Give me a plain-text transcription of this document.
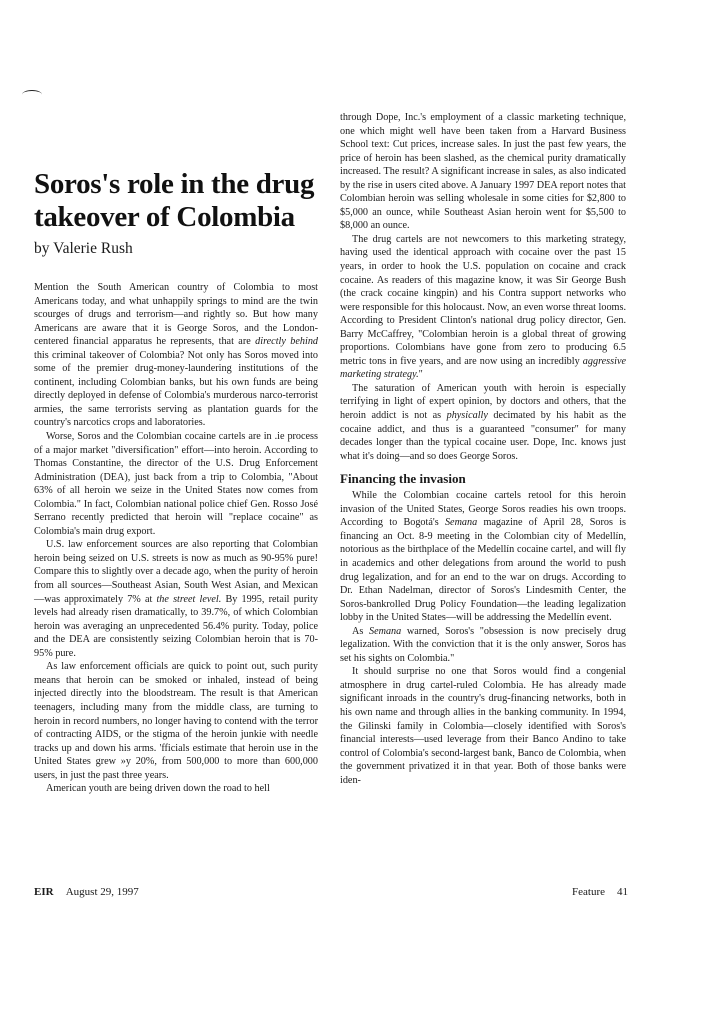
Soros's role in the drug takeover of Colombia
by Valerie Rush

Mention the South American country of Colombia to most Americans today, and what unhappily springs to mind are the twin scourges of drugs and terrorism—and rightly so. But how many Americans are aware that it is George Soros, and the London-centered financial apparatus he represents, that are directly behind this criminal takeover of Colombia? Not only has Soros moved into some of the premier drug-money-laundering institutions of the continent, including Colombian banks, but his own funds are being directly deployed in defense of Colombia's murderous narco-terrorist armies, the same terrorists serving as plantation guards for the country's narcotics crops and laboratories.

Worse, Soros and the Colombian cocaine cartels are in .ie process of a major market "diversification" effort—into heroin. According to Thomas Constantine, the director of the U.S. Drug Enforcement Administration (DEA), just back from a trip to Colombia, "About 63% of all heroin we seize in the United States now comes from Colombia." In fact, Colombian national police chief Gen. Rosso José Serrano recently predicted that heroin will "replace cocaine" as Colombia's main drug export.

U.S. law enforcement sources are also reporting that Colombian heroin being seized on U.S. streets is now as much as 90-95% pure! Compare this to slightly over a decade ago, when the purity of heroin from all sources—Southeast Asian, South West Asian, and Mexican—was approximately 7% at the street level. By 1995, retail purity levels had already risen dramatically, to 39.7%, of which Colombian heroin was averaging an unprecedented 56.4% purity. Today, police and the DEA are consistently seizing Colombian heroin that is 70-95% pure.

As law enforcement officials are quick to point out, such purity means that heroin can be smoked or inhaled, instead of being injected directly into the bloodstream. The result is that American teenagers, including many from the middle class, are turning to heroin in record numbers, no longer having to contend with the terror of contracting AIDS, or the stigma of the heroin junkie with needle tracks up and down his arms. 'fficials estimate that heroin use in the United States grew »y 20%, from 500,000 to more than 600,000 users, in just the past three years.

American youth are being driven down the road to hell

through Dope, Inc.'s employment of a classic marketing technique, one which might well have been taken from a Harvard Business School text: Cut prices, increase sales. In just the past few years, the price of heroin has been slashed, as the chemical purity dramatically increased. The result? A significant increase in sales, as also indicated by the rise in users cited above. A January 1997 DEA report notes that Colombian heroin was selling wholesale in some cities for $2,800 to $5,000 an ounce, while Southeast Asian heroin went for $5,500 to $8,000 an ounce.

The drug cartels are not newcomers to this marketing strategy, having used the identical approach with cocaine over the past 15 years, in order to hook the U.S. population on cocaine and crack cocaine. As readers of this magazine know, it was Sir George Bush (the crack cocaine kingpin) and his Contra support networks who were responsible for this holocaust. Now, an even worse threat looms. According to President Clinton's national drug policy director, Gen. Barry McCaffrey, "Colombian heroin is a global threat of growing proportions. Colombians have gone from zero to producing 6.5 metric tons in five years, and are now using an incredibly aggressive marketing strategy."

The saturation of American youth with heroin is especially terrifying in light of expert opinion, by doctors and others, that the heroin addict is not as physically decimated by his habit as the cocaine addict, and thus is a guaranteed "consumer" for many decades longer than the typical cocaine user. Dope, Inc. knows just what it's doing—and so does George Soros.

Financing the invasion

While the Colombian cocaine cartels retool for this heroin invasion of the United States, George Soros readies his own troops. According to Bogotá's Semana magazine of April 28, Soros is financing an Oct. 8-9 meeting in the Colombian city of Medellín, notorious as the birthplace of the Medellín cocaine cartel, and will fly in academics and other delegations from around the world to push drug legalization, and for an end to the war on drugs. According to Dr. Ethan Nadelman, director of Soros's Lindesmith Center, the Soros-bankrolled Drug Policy Foundation—the leading legalization lobby in the United States—will be addressing the Medellín event.

As Semana warned, Soros's "obsession is now precisely drug legalization. With the conviction that it is the only answer, Soros has set his sights on Colombia."

It should surprise no one that Soros would find a congenial atmosphere in drug cartel-ruled Colombia. He has already made significant inroads in the country's drug-financing networks, both in his own name and through allies in the banking community. In 1994, the Gilinski family in Colombia—closely identified with Soros's financial interests—used leverage from their Banco Andino to take control of Colombia's second-largest bank, Banco de Colombia, when the government privatized it in that year. Both of those banks were iden-

EIR August 29, 1997	Feature 41
